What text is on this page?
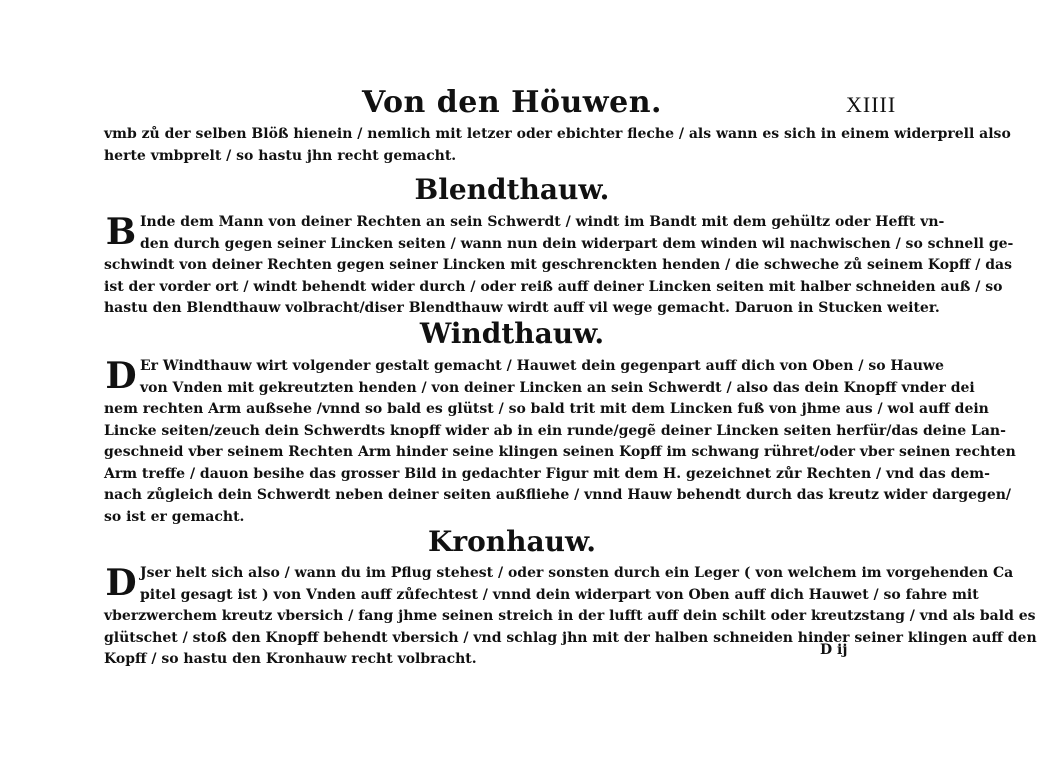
Von den Höuwen.	XIIII
vmb zů der selben Blöß hienein / nemlich mit letzer oder ebichter fleche / als wann es sich in einem widerprell also
herte vmbprelt / so hastu jhn recht gemacht.
Blendthauw.
B Inde dem Mann von deiner Rechten an sein Schwerdt / windt im Bandt mit dem gehültz oder Hefft vn-
den durch gegen seiner Lincken seiten / wann nun dein widerpart dem winden wil nachwischen / so schnell ge-
schwindt von deiner Rechten gegen seiner Lincken mit geschrenckten henden / die schweche zů seinem Kopff / das
ist der vorder ort / windt behendt wider durch / oder reiß auff deiner Lincken seiten mit halber schneiden auß / so
hastu den Blendthauw volbracht/diser Blendthauw wirdt auff vil wege gemacht. Daruon in Stucken weiter.
Windthauw.
D Er Windthauw wirt volgender gestalt gemacht / Hauwet dein gegenpart auff dich von Oben / so Hauwe
von Vnden mit gekreutzten henden / von deiner Lincken an sein Schwerdt / also das dein Knopff vnder dei
nem rechten Arm außsehe /vnnd so bald es glütst / so bald trit mit dem Lincken fuß von jhme aus / wol auff dein
Lincke seiten/zeuch dein Schwerdts knopff wider ab in ein runde/gegẽ deiner Lincken seiten herfür/das deine Lan-
geschneid vber seinem Rechten Arm hinder seine klingen seinen Kopff im schwang rühret/oder vber seinen rechten
Arm treffe / dauon besihe das grosser Bild in gedachter Figur mit dem H. gezeichnet zůr Rechten / vnd das dem-
nach zůgleich dein Schwerdt neben deiner seiten außfliehe / vnnd Hauw behendt durch das kreutz wider dargegen/
so ist er gemacht.
Kronhauw.
D Jser helt sich also / wann du im Pflug stehest / oder sonsten durch ein Leger ( von welchem im vorgehenden Ca
pitel gesagt ist ) von Vnden auff zůfechtest / vnnd dein widerpart von Oben auff dich Hauwet / so fahre mit
vberzwerchem kreutz vbersich / fang jhme seinen streich in der lufft auff dein schilt oder kreutzstang / vnd als bald es
glütschet / stoß den Knopff behendt vbersich / vnd schlag jhn mit der halben schneiden hinder seiner klingen auff den
Kopff / so hastu den Kronhauw recht volbracht.
D ij
